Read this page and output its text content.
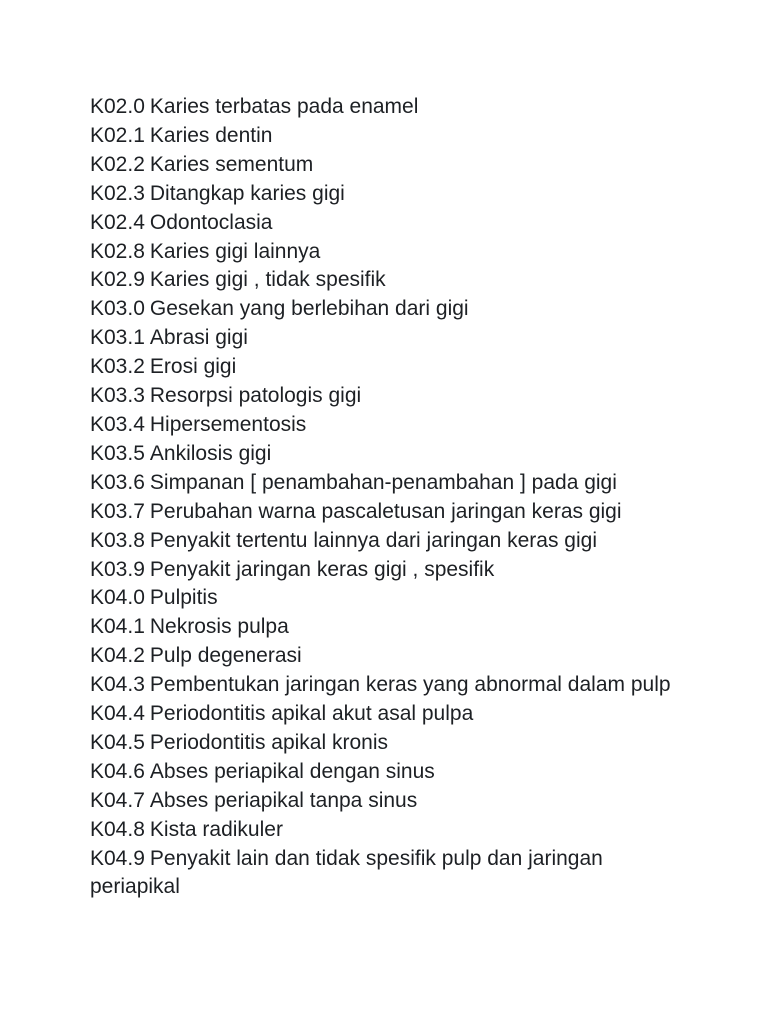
K02.0 Karies terbatas pada enamel
K02.1 Karies dentin
K02.2 Karies sementum
K02.3 Ditangkap karies gigi
K02.4 Odontoclasia
K02.8 Karies gigi lainnya
K02.9 Karies gigi , tidak spesifik
K03.0 Gesekan yang berlebihan dari gigi
K03.1 Abrasi gigi
K03.2 Erosi gigi
K03.3 Resorpsi patologis gigi
K03.4 Hipersementosis
K03.5 Ankilosis gigi
K03.6 Simpanan [ penambahan-penambahan ] pada gigi
K03.7 Perubahan warna pascaletusan jaringan keras gigi
K03.8 Penyakit tertentu lainnya dari jaringan keras gigi
K03.9 Penyakit jaringan keras gigi , spesifik
K04.0 Pulpitis
K04.1 Nekrosis pulpa
K04.2 Pulp degenerasi
K04.3 Pembentukan jaringan keras yang abnormal dalam pulp
K04.4 Periodontitis apikal akut asal pulpa
K04.5 Periodontitis apikal kronis
K04.6 Abses periapikal dengan sinus
K04.7 Abses periapikal tanpa sinus
K04.8 Kista radikuler
K04.9 Penyakit lain dan tidak spesifik pulp dan jaringan periapikal
